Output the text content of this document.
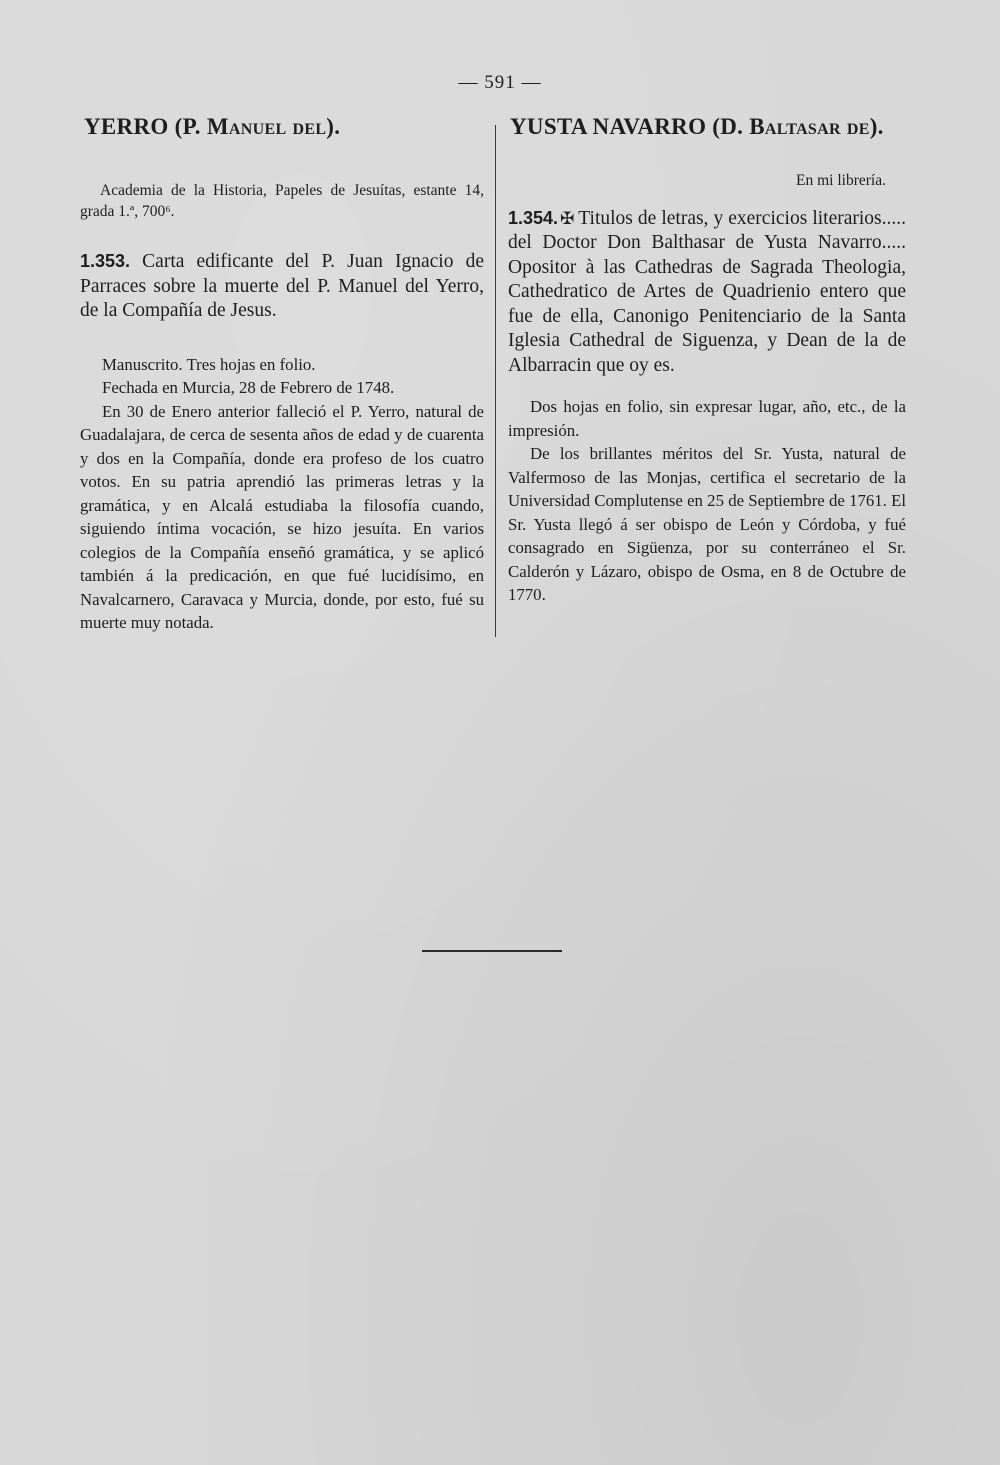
— 591 —
YERRO (P. Manuel del).

Academia de la Historia, Papeles de Jesuítas, estante 14, grada 1.ª, 700⁶.

1.353. Carta edificante del P. Juan Ignacio de Parraces sobre la muerte del P. Manuel del Yerro, de la Compañía de Jesus.

Manuscrito. Tres hojas en folio.

Fechada en Murcia, 28 de Febrero de 1748.

En 30 de Enero anterior falleció el P. Yerro, natural de Guadalajara, de cerca de sesenta años de edad y de cuarenta y dos en la Compañía, donde era profeso de los cuatro votos. En su patria aprendió las primeras letras y la gramática, y en Alcalá estudiaba la filosofía cuando, siguiendo íntima vocación, se hizo jesuíta. En varios colegios de la Compañía enseñó gramática, y se aplicó también á la predicación, en que fué lucidísimo, en Navalcarnero, Caravaca y Murcia, donde, por esto, fué su muerte muy notada.

YUSTA NAVARRO (D. Baltasar de).

En mi librería.

1.354. ✠ Titulos de letras, y exercicios literarios..... del Doctor Don Balthasar de Yusta Navarro..... Opositor à las Cathedras de Sagrada Theologia, Cathedratico de Artes de Quadrienio entero que fue de ella, Canonigo Penitenciario de la Santa Iglesia Cathedral de Siguenza, y Dean de la de Albarracin que oy es.

Dos hojas en folio, sin expresar lugar, año, etc., de la impresión.

De los brillantes méritos del Sr. Yusta, natural de Valfermoso de las Monjas, certifica el secretario de la Universidad Complutense en 25 de Septiembre de 1761. El Sr. Yusta llegó á ser obispo de León y Córdoba, y fué consagrado en Sigüenza, por su conterráneo el Sr. Calderón y Lázaro, obispo de Osma, en 8 de Octubre de 1770.
